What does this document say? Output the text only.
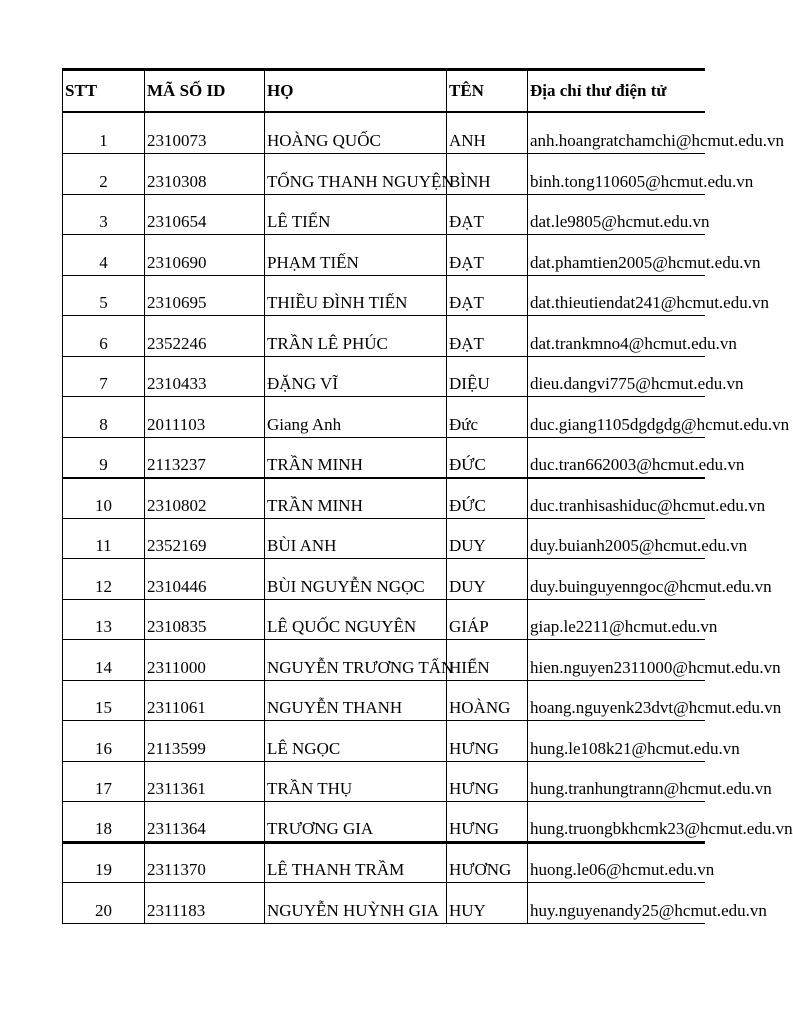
STT	MÃ SỐ ID	HỌ	TÊN	Địa chỉ thư điện tử
1	2310073	HOÀNG QUỐC	ANH	anh.hoangratchamchi@hcmut.edu.vn
2	2310308	TỐNG THANH NGUYỆN	BÌNH	binh.tong110605@hcmut.edu.vn
3	2310654	LÊ TIẾN	ĐẠT	dat.le9805@hcmut.edu.vn
4	2310690	PHẠM TIẾN	ĐẠT	dat.phamtien2005@hcmut.edu.vn
5	2310695	THIỀU ĐÌNH TIẾN	ĐẠT	dat.thieutiendat241@hcmut.edu.vn
6	2352246	TRẦN LÊ PHÚC	ĐẠT	dat.trankmno4@hcmut.edu.vn
7	2310433	ĐẶNG VĨ	DIỆU	dieu.dangvi775@hcmut.edu.vn
8	2011103	Giang Anh	Đức	duc.giang1105dgdgdg@hcmut.edu.vn
9	2113237	TRẦN MINH	ĐỨC	duc.tran662003@hcmut.edu.vn
10	2310802	TRẦN MINH	ĐỨC	duc.tranhisashiduc@hcmut.edu.vn
11	2352169	BÙI ANH	DUY	duy.buianh2005@hcmut.edu.vn
12	2310446	BÙI NGUYỄN NGỌC	DUY	duy.buinguyenngoc@hcmut.edu.vn
13	2310835	LÊ QUỐC NGUYÊN	GIÁP	giap.le2211@hcmut.edu.vn
14	2311000	NGUYỄN TRƯƠNG TẤN	HIỂN	hien.nguyen2311000@hcmut.edu.vn
15	2311061	NGUYỄN THANH	HOÀNG	hoang.nguyenk23dvt@hcmut.edu.vn
16	2113599	LÊ NGỌC	HƯNG	hung.le108k21@hcmut.edu.vn
17	2311361	TRẦN THỤ	HƯNG	hung.tranhungtrann@hcmut.edu.vn
18	2311364	TRƯƠNG GIA	HƯNG	hung.truongbkhcmk23@hcmut.edu.vn
19	2311370	LÊ THANH TRẦM	HƯƠNG	huong.le06@hcmut.edu.vn
20	2311183	NGUYỄN HUỲNH GIA	HUY	huy.nguyenandy25@hcmut.edu.vn
